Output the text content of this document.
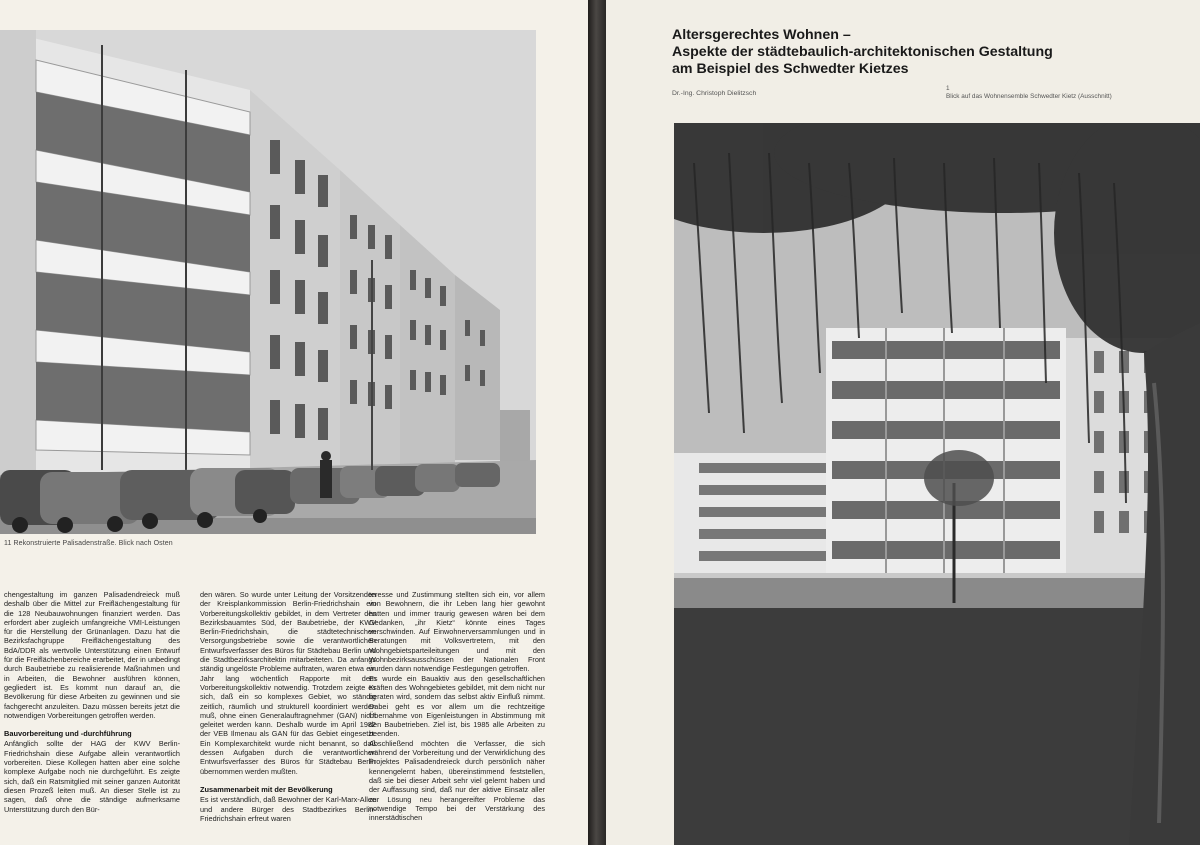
11 Rekonstruierte Palisadenstraße. Blick nach Osten

chengestaltung im ganzen Palisadendreieck muß deshalb über die Mittel zur Freiflächengestaltung für die 128 Neubauwohnungen finanziert werden. Das erfordert aber zugleich umfangreiche VMI-Leistungen für die Herstellung der Grünanlagen. Dazu hat die Bezirksfachgruppe Freiflächengestaltung des BdA/DDR als wertvolle Unterstützung einen Entwurf für die Freiflächenbereiche erarbeitet, der in unbedingt durch Baubetriebe zu realisierende Maßnahmen und in Arbeiten, die Bewohner ausführen können, gegliedert ist. Es kommt nun darauf an, die Bevölkerung für diese Arbeiten zu gewinnen und sie fachgerecht anzuleiten. Dazu müssen bereits jetzt die notwendigen Vorbereitungen getroffen werden.

Bauvorbereitung und -durchführung

Anfänglich sollte der HAG der KWV Berlin-Friedrichshain diese Aufgabe allein verantwortlich vorbereiten. Diese Kollegen hatten aber eine solche komplexe Aufgabe noch nie durchgeführt. Es zeigte sich, daß ein Ratsmitglied mit seiner ganzen Autorität diesen Prozeß leiten muß. An dieser Stelle ist zu sagen, daß ohne die ständige aufmerksame Unterstützung durch den Bür-

den wären. So wurde unter Leitung der Vorsitzenden der Kreisplankommission Berlin-Friedrichshain ein Vorbereitungskollektiv gebildet, in dem Vertreter des Bezirksbauamtes Süd, der Baubetriebe, der KWV Berlin-Friedrichshain, die städtetechnischen Versorgungsbetriebe sowie die verantwortlichen Entwurfsverfasser des Büros für Städtebau Berlin und die Stadtbezirksarchitektin mitarbeiteten. Da anfangs ständig ungelöste Probleme auftraten, waren etwa ein Jahr lang wöchentlich Rapporte mit dem Vorbereitungskollektiv notwendig. Trotzdem zeigte es sich, daß ein so komplexes Gebiet, wo ständig zeitlich, räumlich und strukturell koordiniert werden muß, ohne einen Generalauftragnehmer (GAN) nicht geleitet werden kann. Deshalb wurde im April 1982 der VEB Ilmenau als GAN für das Gebiet eingesetzt. Ein Komplexarchitekt wurde nicht benannt, so daß dessen Aufgaben durch die verantwortlichen Entwurfsverfasser des Büros für Städtebau Berlin übernommen werden mußten.

Zusammenarbeit mit der Bevölkerung

Es ist verständlich, daß Bewohner der Karl-Marx-Allee und andere Bürger des Stadtbezirkes Berlin-Friedrichshain erfreut waren

teresse und Zustimmung stellten sich ein, vor allem von Bewohnern, die ihr Leben lang hier gewohnt hatten und immer traurig gewesen wären bei dem Gedanken, „ihr Kietz“ könnte eines Tages verschwinden. Auf Einwohnerversammlungen und in Beratungen mit Volksvertretern, mit den Wohngebietsparteileitungen und mit den Wohnbezirksausschüssen der Nationalen Front wurden dann notwendige Festlegungen getroffen.

Es wurde ein Bauaktiv aus den gesellschaftlichen Kräften des Wohngebietes gebildet, mit dem nicht nur beraten wird, sondern das selbst aktiv Einfluß nimmt. Dabei geht es vor allem um die rechtzeitige Übernahme von Eigenleistungen in Abstimmung mit den Baubetrieben. Ziel ist, bis 1985 alle Arbeiten zu beenden.

Abschließend möchten die Verfasser, die sich während der Vorbereitung und der Verwirklichung des Projektes Palisadendreieck durch persönlich näher kennengelernt haben, übereinstimmend feststellen, daß sie bei dieser Arbeit sehr viel gelernt haben und der Auffassung sind, daß nur der aktive Einsatz aller zur Lösung neu herangereifter Probleme das notwendige Tempo bei der Verstärkung des innerstädtischen

Altersgerechtes Wohnen –
Aspekte der städtebaulich-architektonischen Gestaltung
am Beispiel des Schwedter Kietzes
Dr.-Ing. Christoph Dielitzsch
1
Blick auf das Wohnensemble Schwedter Kietz (Ausschnitt)
